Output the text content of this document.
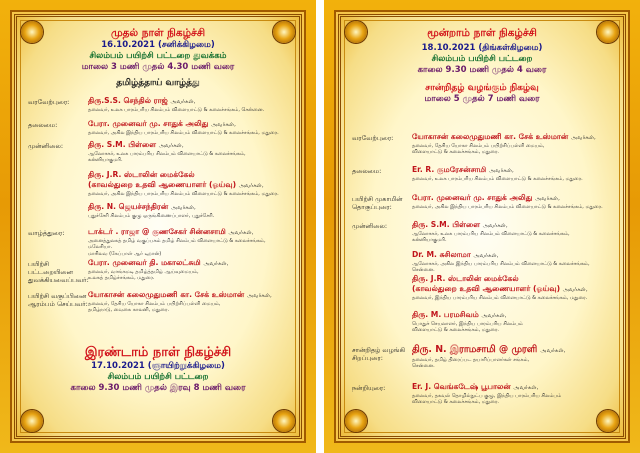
முதல் நாள் நிகழ்ச்சி
16.10.2021 (சனிக்கிழமை)
சிலம்பம் பயிற்சி பட்டறை துவக்கம்
மாலை 3 மணி முதல் 4.30 மணி வரை
தமிழ்த்தாய் வாழ்த்து
வரவேற்புரை:	திரு.S.S. செந்தில் ராஜ் அவர்கள்,
தலைவர், உலக பாரம்பரிய சிலம்பம் விளையாட்டு & கலைச்சங்கம், சென்னை.
தலைமை:	பேரா. முனைவர் மு. சாதுக் அலிது அவர்கள்,
தலைவர், அகில இந்திய பாரம்பரிய சிலம்பம் விளையாட்டு & கலைச்சங்கம், மதுரை.
முன்னிலை:	திரு. S.M. பிள்ளை அவர்கள்,
ஆலோசகர், உலக பாரம்பரிய சிலம்பம் விளையாட்டு & கலைச்சங்கம்,
கன்னியாகுமரி.
திரு. J.R. ஸ்டாலின் மைக்கேல்
(காவல்துறை உதவி ஆணையாளர் (ஓய்வு) அவர்கள்,
தலைவர், அகில இந்திய பாரம்பரிய சிலம்பம் விளையாட்டு & கலைச்சங்கம், மதுரை.
திரு. N. ஜெயச்சந்திரன் அவர்கள்,
புதுச்சேரி சிலம்பம் குழு ஒருங்கிணைப்பாளர், புதுச்சேரி.
வாழ்த்துரை:	டாக்டர் . ராஜா @ குணசேகர் சின்னசாமி அவர்கள்,
அனைத்துலகத் தமிழ் வகுப்பகம் தமிழ் சிலம்பம் விளையாட்டு & கலைச்சங்கம், மலேசியா.
மாசிலவ (கேப்பாள் ஆர் டிறான்)
பயிற்சி பட்டறையினை துவக்கியவைப்பவர்:
பேரா. முனைவர் தி. மகாலட்சுமி அவர்கள்,
தலைவர், வாங்கமடி தமிழ்த்தமிழ் ஆய்வுமையம்,
உலகத் தமிழ்ச்சங்கம், மதுரை.
பயிற்சி வகுப்பினை ஆரம்பம் செய்பவர்:
யோகாசன் கலைமுதுமணி கா. சேக் உஸ்மான் அவர்கள்,
தலைவர், தேசிய யோகா சிலம்பம் பயிற்சிப்பள்ளி மையம்,
தமிழ்நாடு, வைகை காலனி, மதுரை.
இரண்டாம் நாள் நிகழ்ச்சி
17.10.2021 (ஞாயிற்றுக்கிழமை)
சிலம்பம் பயிற்சி பட்டறை
காலை 9.30 மணி முதல் இரவு 8 மணி வரை
மூன்றாம் நாள் நிகழ்ச்சி
18.10.2021 (திங்கள்கிழமை)
சிலம்பம் பயிற்சி பட்டறை
காலை 9.30 மணி முதல் 4 வரை
சான்றிதழ் வழங்கும் நிகழ்வு
மாலை 5 முதல் 7 மணி வரை
வரவேற்புரை:	யோகாசன் கலைமுதுமணி கா. சேக் உஸ்மான் அவர்கள்,
தலைவர், தேசிய யோகா சிலம்பம் பயிற்சிப்பள்ளி மையம்,
விளையாட்டு & கலைச்சங்கம், மதுரை.
தலைமை:	Er. R. குமரேசன்சாமி அவர்கள்,
தலைவர், உலக பாரம்பரிய சிலம்பம் விளையாட்டு & கலைச்சங்கம், மதுரை.
பயிற்சி முகாமின் தொகுப்புரை:
பேரா. முனைவர் மு. சாதுக் அலிது அவர்கள்,
தலைவர், அகில இந்திய பாரம்பரிய சிலம்பம் விளையாட்டு & கலைச்சங்கம், மதுரை.
முன்னிலை:	திரு. S.M. பிள்ளை அவர்கள்,
ஆலோசகர், உலக பாரம்பரிய சிலம்பம் விளையாட்டு & கலைச்சங்கம்,
கன்னியாகுமரி.
Dr. M. சுசிலாமா அவர்கள்,
ஆலோசகர், அகில இந்திய பாரம்பரிய சிலம்பம் விளையாட்டு & கலைச்சங்கம், சென்னை.
திரு. J.R. ஸ்டாலின் மைக்கேல்
(காவல்துறை உதவி ஆணையாளர் (ஓய்வு) அவர்கள்,
தலைவர், இந்திய பாரம்பரிய சிலம்பம் விளையாட்டு & கலைச்சங்கம், மதுரை.
திரு. M. பரமசிவம் அவர்கள்,
பொதுச் செயலாளர், இந்திய பாரம்பரிய சிலம்பம்
விளையாட்டு & கலைச்சங்கம், மதுரை.
சான்றிதழ் வழங்கி சிறப்புரை:
திரு. N. இராமசாமி @ முரளி அவர்கள்,
தலைவர், தமிழ் திரைப்பட தயாரிப்பாளர்கள் சங்கம்,
சென்னை.
நன்றியுரை:	Er. J. வெங்கடேஷ் பூபாலன் அவர்கள்,
தலைவர், தகவல் தொழில்நுட்ப குழு, இந்திய பாரம்பரிய சிலம்பம்
விளையாட்டு & கலைச்சங்கம், மதுரை.
